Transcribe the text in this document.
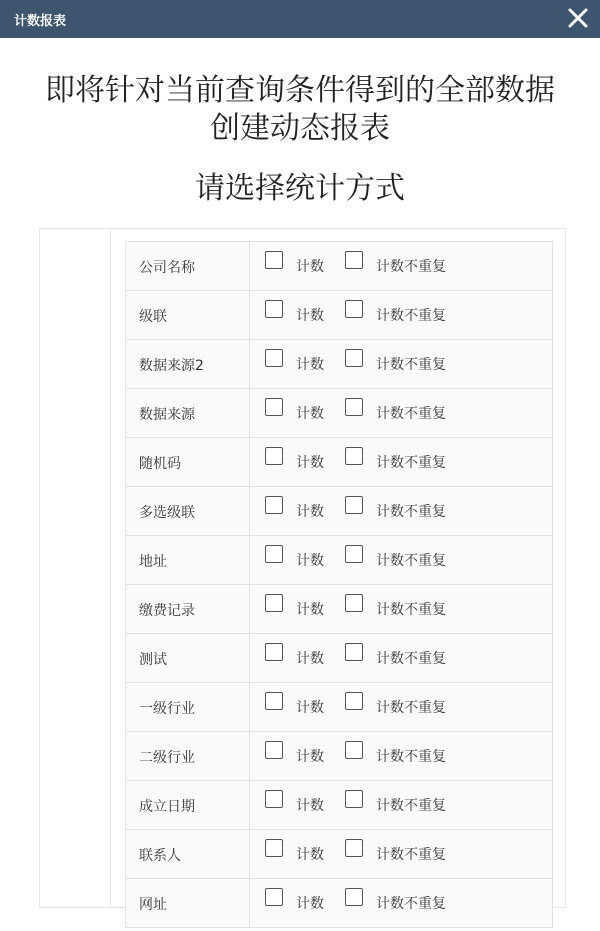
计数报表
即将针对当前查询条件得到的全部数据
创建动态报表
请选择统计方式
公司名称	计数	计数不重复
级联	计数	计数不重复
数据来源2	计数	计数不重复
数据来源	计数	计数不重复
随机码	计数	计数不重复
多选级联	计数	计数不重复
地址	计数	计数不重复
缴费记录	计数	计数不重复
测试	计数	计数不重复
一级行业	计数	计数不重复
二级行业	计数	计数不重复
成立日期	计数	计数不重复
联系人	计数	计数不重复
网址	计数	计数不重复
